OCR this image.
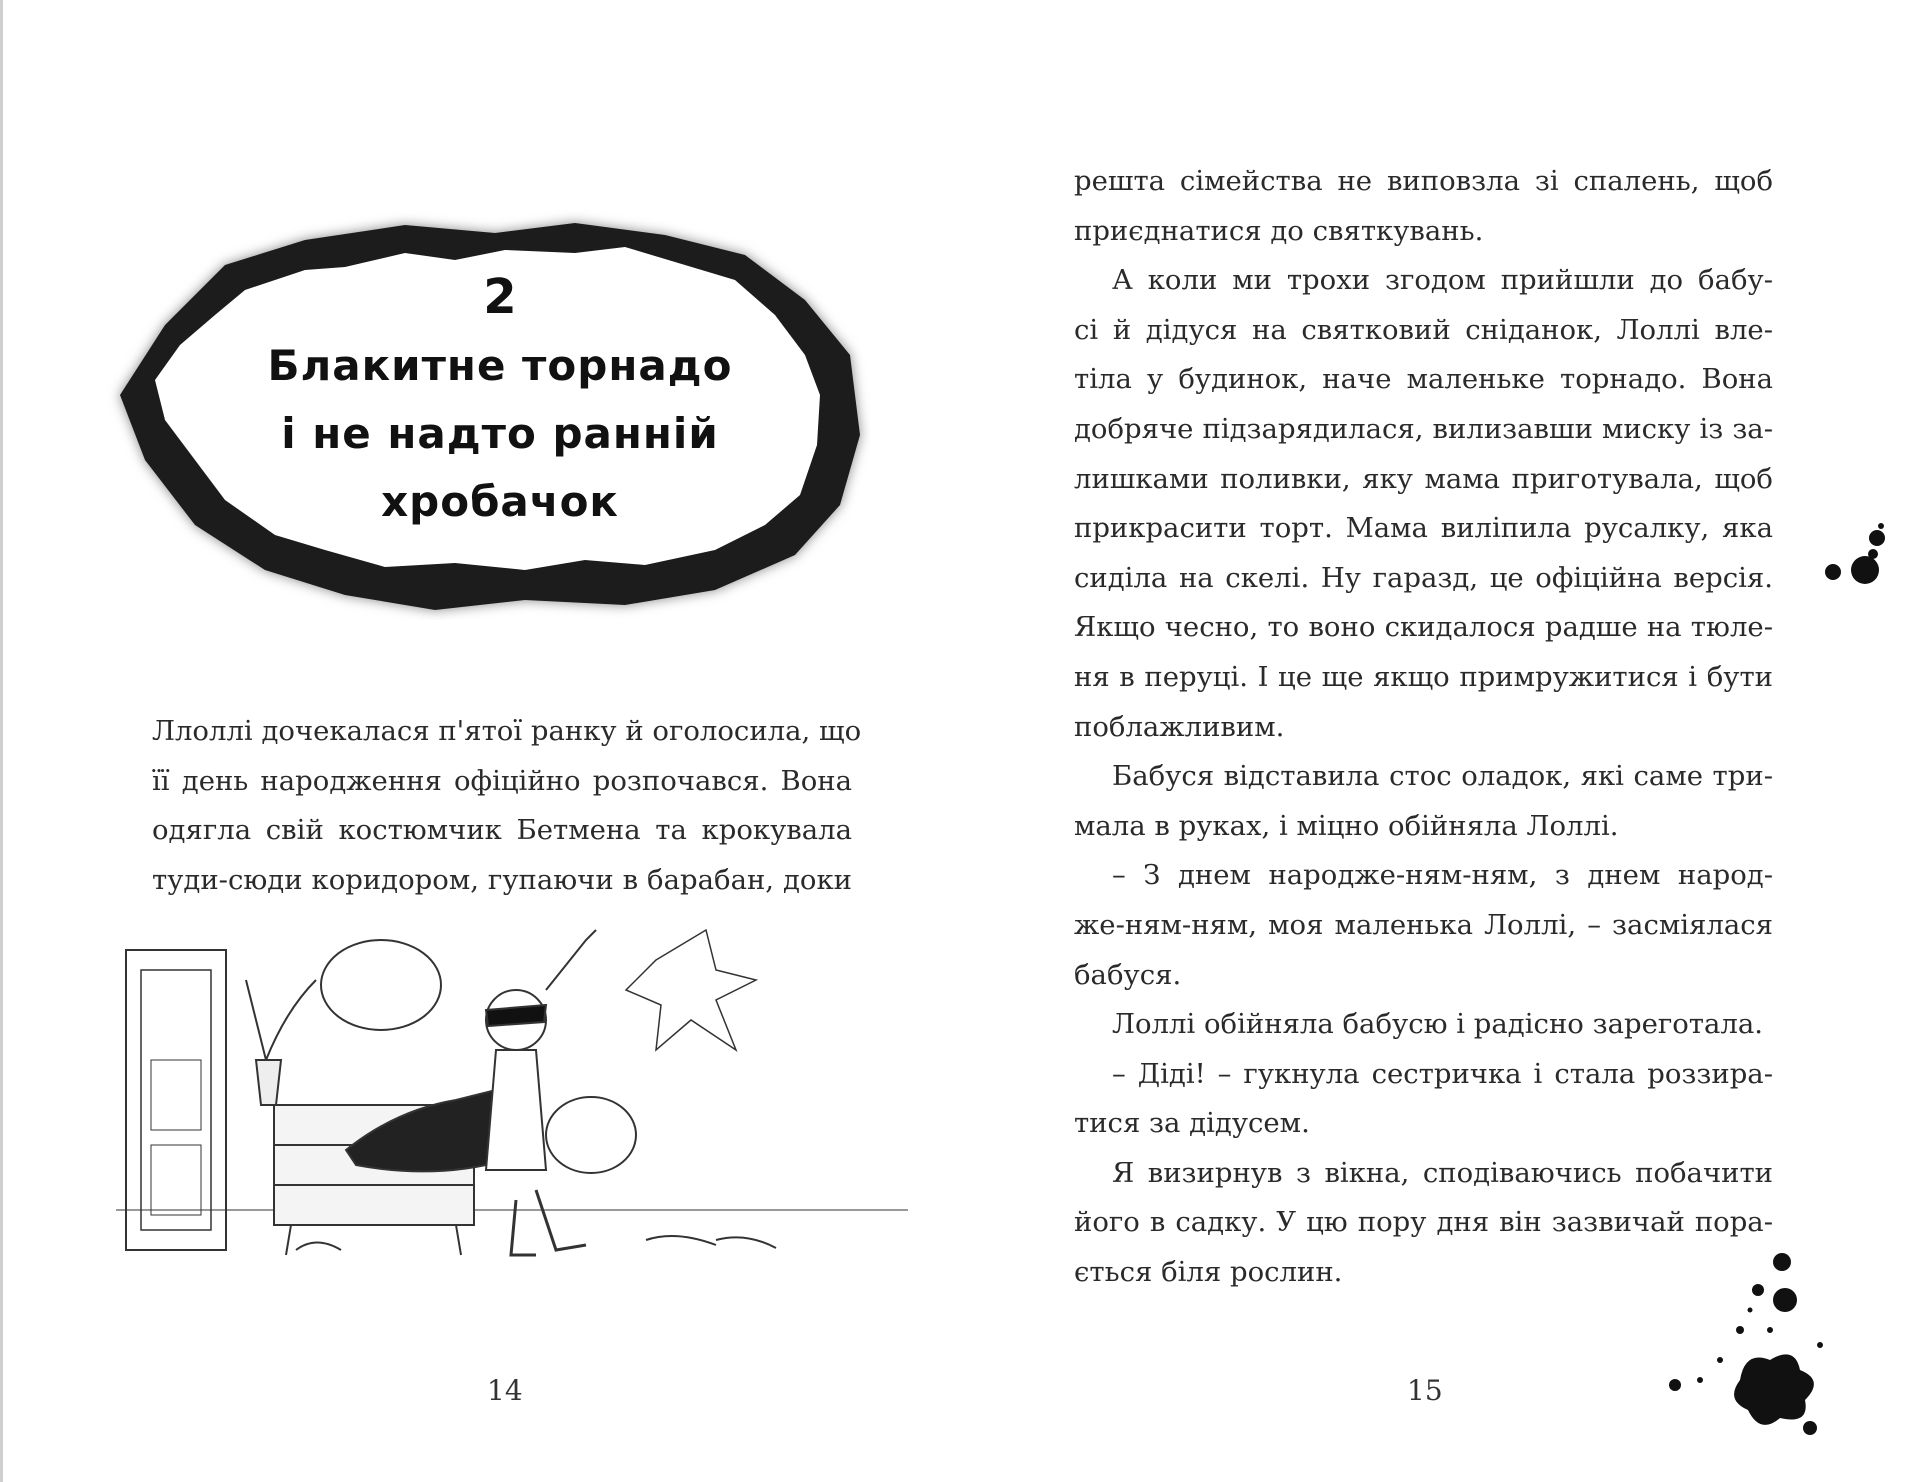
2
Блакитне торнадо
і не надто ранній
хробачок
Ллоллі дочекалася п'ятої ранку й оголосила, що
її день народження офіційно розпочався. Вона
одягла свій костюмчик Бетмена та крокувала
туди-сюди коридором, гупаючи в барабан, доки
решта сімейства не виповзла зі спалень, щоб
приєднатися до святкувань.
А коли ми трохи згодом прийшли до бабу-
сі й дідуся на святковий сніданок, Лоллі вле-
тіла у будинок, наче маленьке торнадо. Вона
добряче підзарядилася, вилизавши миску із за-
лишками поливки, яку мама приготувала, щоб
прикрасити торт. Мама виліпила русалку, яка
сиділа на скелі. Ну гаразд, це офіційна версія.
Якщо чесно, то воно скидалося радше на тюле-
ня в перуці. І це ще якщо примружитися і бути
поблажливим.
Бабуся відставила стос оладок, які саме три-
мала в руках, і міцно обійняла Лоллі.
– З днем народже-ням-ням, з днем народ-
же-ням-ням, моя маленька Лоллі, – засміялася
бабуся.
Лоллі обійняла бабусю і радісно зареготала.
– Діді! – гукнула сестричка і стала роззира-
тися за дідусем.
Я визирнув з вікна, сподіваючись побачити
його в садку. У цю пору дня він зазвичай пора-
ється біля рослин.
14	15
